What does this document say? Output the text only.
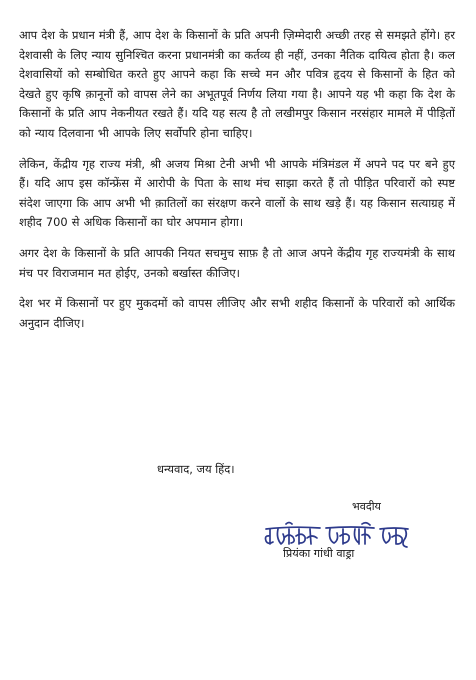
आप देश के प्रधान मंत्री हैं, आप देश के किसानों के प्रति अपनी ज़िम्मेदारी अच्छी तरह से समझते होंगे। हर देशवासी के लिए न्याय सुनिश्चित करना प्रधानमंत्री का कर्तव्य ही नहीं, उनका नैतिक दायित्व होता है। कल देशवासियों को सम्बोधित करते हुए आपने कहा कि सच्चे मन और पवित्र हृदय से किसानों के हित को देखते हुए कृषि क़ानूनों को वापस लेने का अभूतपूर्व निर्णय लिया गया है। आपने यह भी कहा कि देश के किसानों के प्रति आप नेकनीयत रखते हैं। यदि यह सत्य है तो लखीमपुर किसान नरसंहार मामले में पीड़ितों को न्याय दिलवाना भी आपके लिए सर्वोपरि होना चाहिए।

लेकिन, केंद्रीय गृह राज्य मंत्री, श्री अजय मिश्रा टेनी अभी भी आपके मंत्रिमंडल में अपने पद पर बने हुए हैं। यदि आप इस कॉन्फ्रेंस में आरोपी के पिता के साथ मंच साझा करते हैं तो पीड़ित परिवारों को स्पष्ट संदेश जाएगा कि आप अभी भी क़ातिलों का संरक्षण करने वालों के साथ खड़े हैं। यह किसान सत्याग्रह में शहीद 700 से अधिक किसानों का घोर अपमान होगा।

अगर देश के किसानों के प्रति आपकी नियत सचमुच साफ़ है तो आज अपने केंद्रीय गृह राज्यमंत्री के साथ मंच पर विराजमान मत होईए, उनको बर्खास्त कीजिए।

देश भर में किसानों पर हुए मुकदमों को वापस लीजिए और सभी शहीद किसानों के परिवारों को आर्थिक अनुदान दीजिए।

धन्यवाद, जय हिंद।

भवदीय

प्रियंका गांधी वाड्रा
